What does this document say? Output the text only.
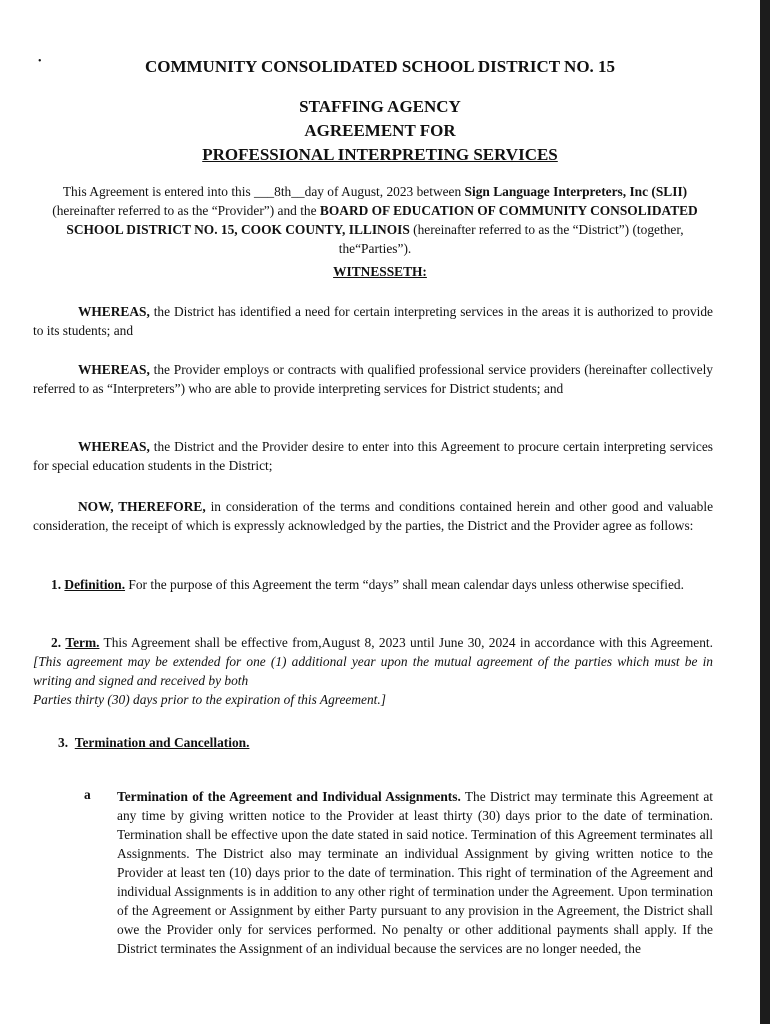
•	COMMUNITY CONSOLIDATED SCHOOL DISTRICT NO. 15
STAFFING AGENCY
AGREEMENT FOR
PROFESSIONAL INTERPRETING SERVICES
This Agreement is entered into this ___8th__day of August, 2023 between Sign Language Interpreters, Inc (SLII) (hereinafter referred to as the “Provider”) and the BOARD OF EDUCATION OF COMMUNITY CONSOLIDATED SCHOOL DISTRICT NO. 15, COOK COUNTY, ILLINOIS (hereinafter referred to as the “District”) (together, the“Parties”).
WITNESSETH:
WHEREAS, the District has identified a need for certain interpreting services in the areas it is authorized to provide to its students; and
WHEREAS, the Provider employs or contracts with qualified professional service providers (hereinafter collectively referred to as “Interpreters”) who are able to provide interpreting services for District students; and
WHEREAS, the District and the Provider desire to enter into this Agreement to procure certain interpreting services for special education students in the District;
NOW, THEREFORE, in consideration of the terms and conditions contained herein and other good and valuable consideration, the receipt of which is expressly acknowledged by the parties, the District and the Provider agree as follows:
1. Definition. For the purpose of this Agreement the term “days” shall mean calendar days unless otherwise specified.
2. Term. This Agreement shall be effective from,August 8, 2023 until June 30, 2024 in accordance with this Agreement. [This agreement may be extended for one (1) additional year upon the mutual agreement of the parties which must be in writing and signed and received by both
Parties thirty (30) days prior to the expiration of this Agreement.]
3. Termination and Cancellation.
a Termination of the Agreement and Individual Assignments. The District may terminate this Agreement at any time by giving written notice to the Provider at least thirty (30) days prior to the date of termination. Termination shall be effective upon the date stated in said notice. Termination of this Agreement terminates all Assignments. The District also may terminate an individual Assignment by giving written notice to the Provider at least ten (10) days prior to the date of termination. This right of termination of the Agreement and individual Assignments is in addition to any other right of termination under the Agreement. Upon termination of the Agreement or Assignment by either Party pursuant to any provision in the Agreement, the District shall owe the Provider only for services performed. No penalty or other additional payments shall apply. If the District terminates the Assignment of an individual because the services are no longer needed, the
